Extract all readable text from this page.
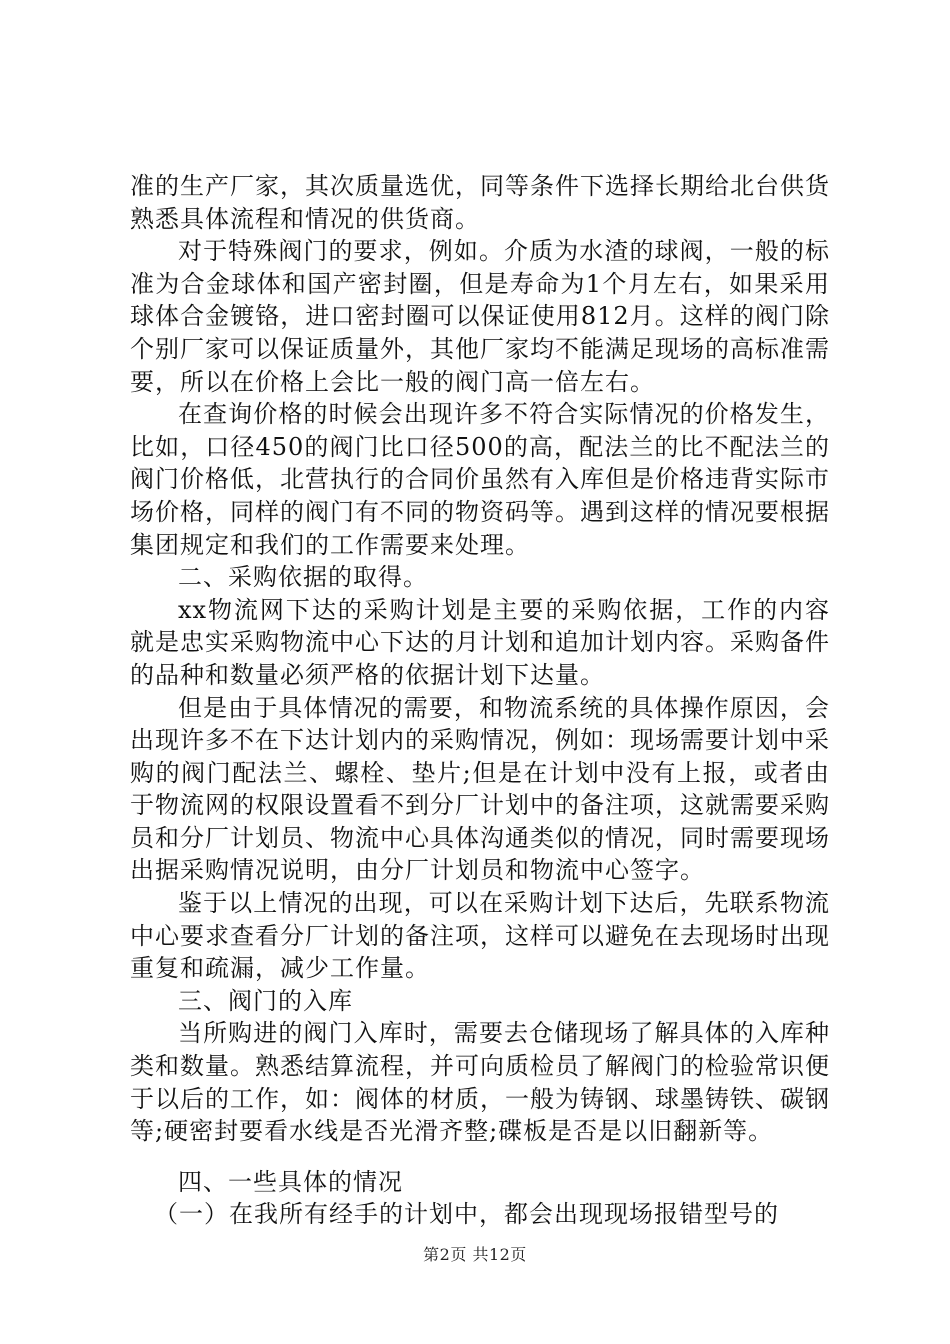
准的生产厂家，其次质量选优，同等条件下选择长期给北台供货熟悉具体流程和情况的供货商。

对于特殊阀门的要求，例如。介质为水渣的球阀，一般的标准为合金球体和国产密封圈，但是寿命为1个月左右，如果采用球体合金镀铬，进口密封圈可以保证使用812月。这样的阀门除个别厂家可以保证质量外，其他厂家均不能满足现场的高标准需要，所以在价格上会比一般的阀门高一倍左右。

在查询价格的时候会出现许多不符合实际情况的价格发生，比如，口径450的阀门比口径500的高，配法兰的比不配法兰的阀门价格低，北营执行的合同价虽然有入库但是价格违背实际市场价格，同样的阀门有不同的物资码等。遇到这样的情况要根据集团规定和我们的工作需要来处理。

二、采购依据的取得。

xx物流网下达的采购计划是主要的采购依据，工作的内容就是忠实采购物流中心下达的月计划和追加计划内容。采购备件的品种和数量必须严格的依据计划下达量。

但是由于具体情况的需要，和物流系统的具体操作原因，会出现许多不在下达计划内的采购情况，例如：现场需要计划中采购的阀门配法兰、螺栓、垫片;但是在计划中没有上报，或者由于物流网的权限设置看不到分厂计划中的备注项，这就需要采购员和分厂计划员、物流中心具体沟通类似的情况，同时需要现场出据采购情况说明，由分厂计划员和物流中心签字。

鉴于以上情况的出现，可以在采购计划下达后，先联系物流中心要求查看分厂计划的备注项，这样可以避免在去现场时出现重复和疏漏，减少工作量。

三、阀门的入库

当所购进的阀门入库时，需要去仓储现场了解具体的入库种类和数量。熟悉结算流程，并可向质检员了解阀门的检验常识便于以后的工作，如：阀体的材质，一般为铸钢、球墨铸铁、碳钢等;硬密封要看水线是否光滑齐整;碟板是否是以旧翻新等。

四、一些具体的情况

（一）在我所有经手的计划中，都会出现现场报错型号的

第2页 共12页
